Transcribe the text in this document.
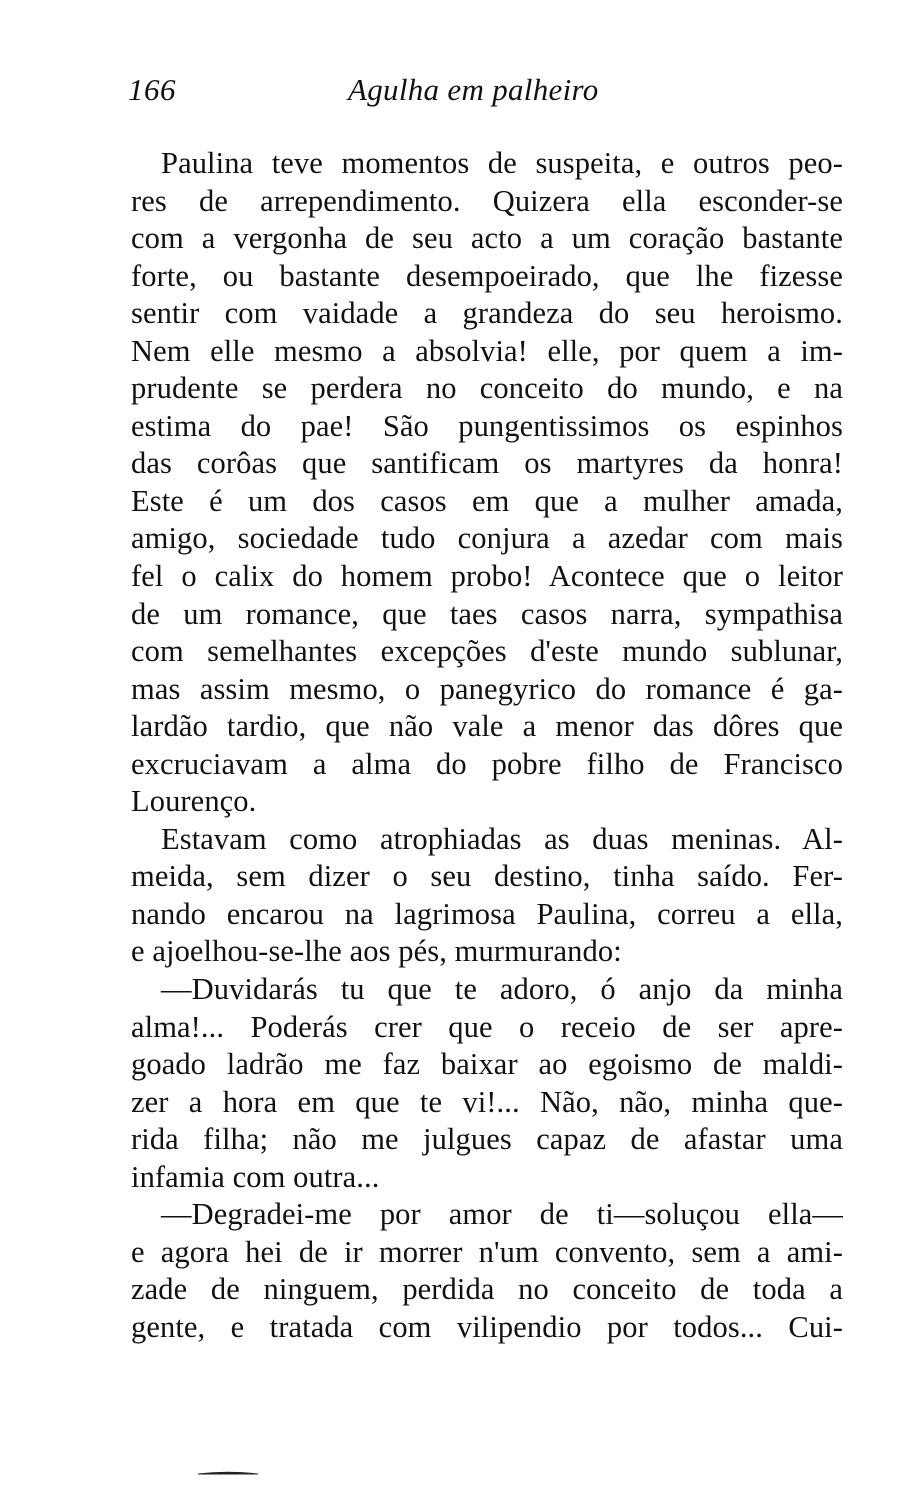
166	Agulha em palheiro
Paulina teve momentos de suspeita, e outros peo-
res de arrependimento. Quizera ella esconder-se
com a vergonha de seu acto a um coração bastante
forte, ou bastante desempoeirado, que lhe fizesse
sentir com vaidade a grandeza do seu heroismo.
Nem elle mesmo a absolvia! elle, por quem a im-
prudente se perdera no conceito do mundo, e na
estima do pae! São pungentissimos os espinhos
das corôas que santificam os martyres da honra!
Este é um dos casos em que a mulher amada,
amigo, sociedade tudo conjura a azedar com mais
fel o calix do homem probo! Acontece que o leitor
de um romance, que taes casos narra, sympathisa
com semelhantes excepções d'este mundo sublunar,
mas assim mesmo, o panegyrico do romance é ga-
lardão tardio, que não vale a menor das dôres que
excruciavam a alma do pobre filho de Francisco
Lourenço.
Estavam como atrophiadas as duas meninas. Al-
meida, sem dizer o seu destino, tinha saído. Fer-
nando encarou na lagrimosa Paulina, correu a ella,
e ajoelhou-se-lhe aos pés, murmurando:
—Duvidarás tu que te adoro, ó anjo da minha
alma!... Poderás crer que o receio de ser apre-
goado ladrão me faz baixar ao egoismo de maldi-
zer a hora em que te vi!... Não, não, minha que-
rida filha; não me julgues capaz de afastar uma
infamia com outra...
—Degradei-me por amor de ti—soluçou ella—
e agora hei de ir morrer n'um convento, sem a ami-
zade de ninguem, perdida no conceito de toda a
gente, e tratada com vilipendio por todos... Cui-
